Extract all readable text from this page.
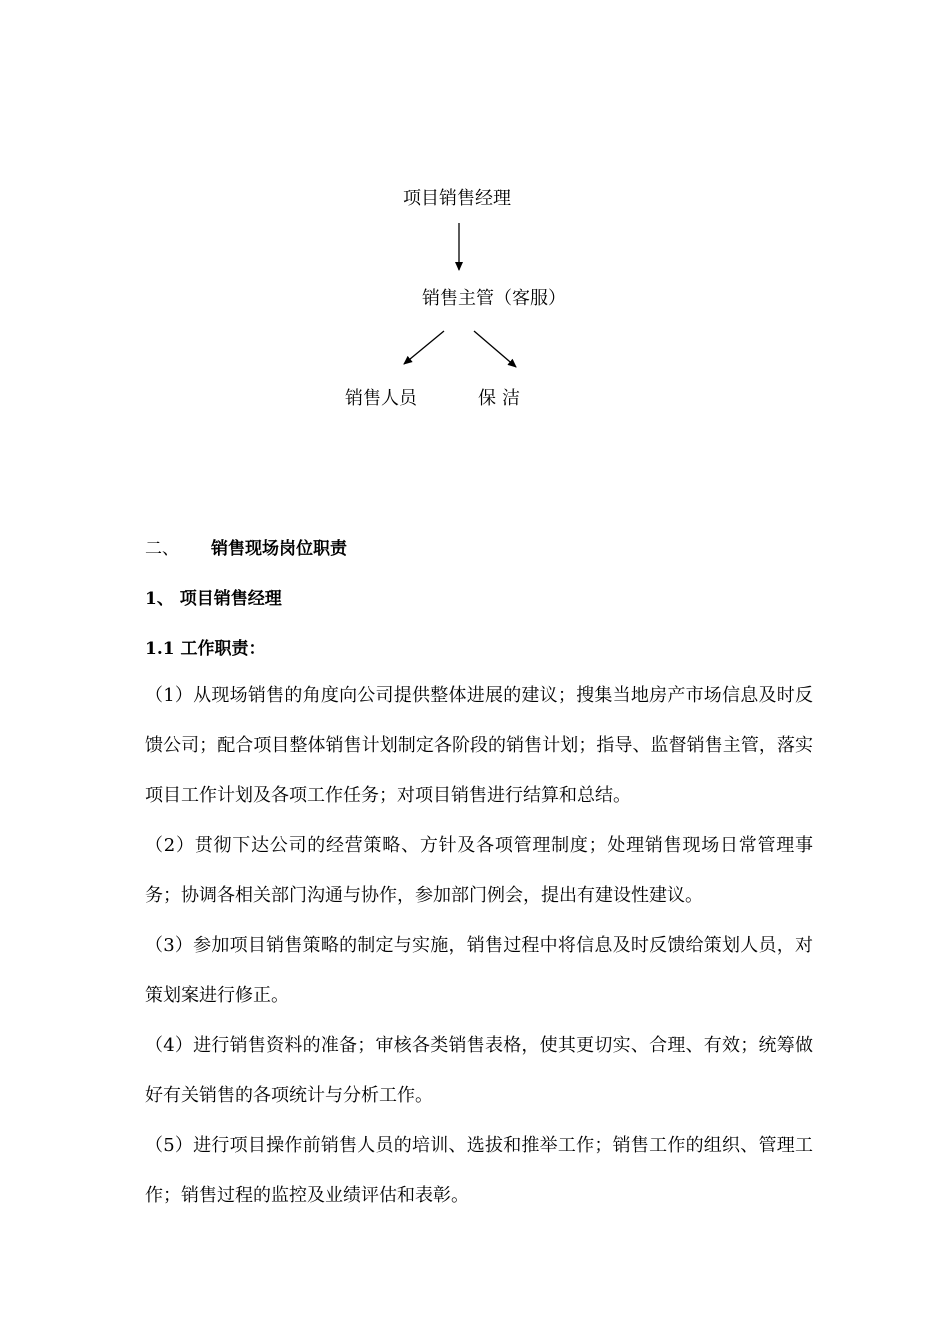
项目销售经理
销售主管（客服）
销售人员	保洁
二、 销售现场岗位职责
1、 项目销售经理
1.1 工作职责：
（1）从现场销售的角度向公司提供整体进展的建议；搜集当地房产市场信息及时反馈公司；配合项目整体销售计划制定各阶段的销售计划；指导、监督销售主管，落实项目工作计划及各项工作任务；对项目销售进行结算和总结。
（2）贯彻下达公司的经营策略、方针及各项管理制度；处理销售现场日常管理事务；协调各相关部门沟通与协作，参加部门例会，提出有建设性建议。
（3）参加项目销售策略的制定与实施，销售过程中将信息及时反馈给策划人员，对策划案进行修正。
（4）进行销售资料的准备；审核各类销售表格，使其更切实、合理、有效；统筹做好有关销售的各项统计与分析工作。
（5）进行项目操作前销售人员的培训、选拔和推举工作；销售工作的组织、管理工作；销售过程的监控及业绩评估和表彰。
